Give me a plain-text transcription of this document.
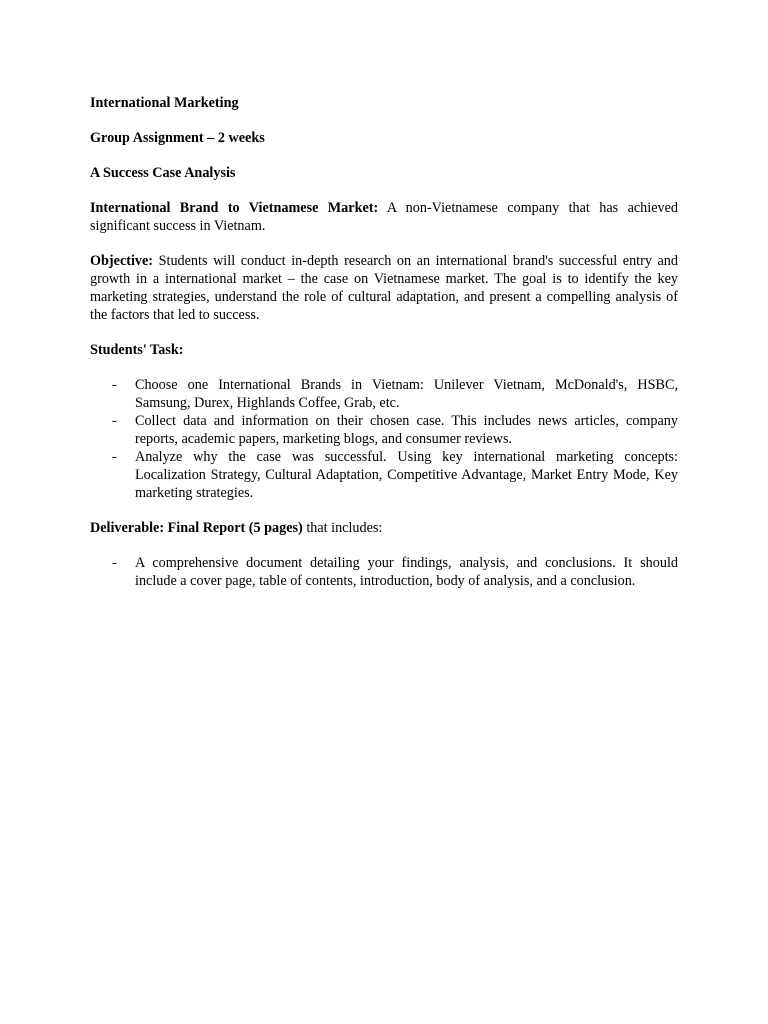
International Marketing

Group Assignment – 2 weeks

A Success Case Analysis

International Brand to Vietnamese Market: A non-Vietnamese company that has achieved significant success in Vietnam.

Objective: Students will conduct in-depth research on an international brand's successful entry and growth in a international market – the case on Vietnamese market. The goal is to identify the key marketing strategies, understand the role of cultural adaptation, and present a compelling analysis of the factors that led to success.

Students' Task:

-	Choose one International Brands in Vietnam: Unilever Vietnam, McDonald's, HSBC, Samsung, Durex, Highlands Coffee, Grab, etc.
-	Collect data and information on their chosen case. This includes news articles, company reports, academic papers, marketing blogs, and consumer reviews.
-	Analyze why the case was successful. Using key international marketing concepts: Localization Strategy, Cultural Adaptation, Competitive Advantage, Market Entry Mode, Key marketing strategies.

Deliverable: Final Report (5 pages) that includes:

-	A comprehensive document detailing your findings, analysis, and conclusions. It should include a cover page, table of contents, introduction, body of analysis, and a conclusion.
